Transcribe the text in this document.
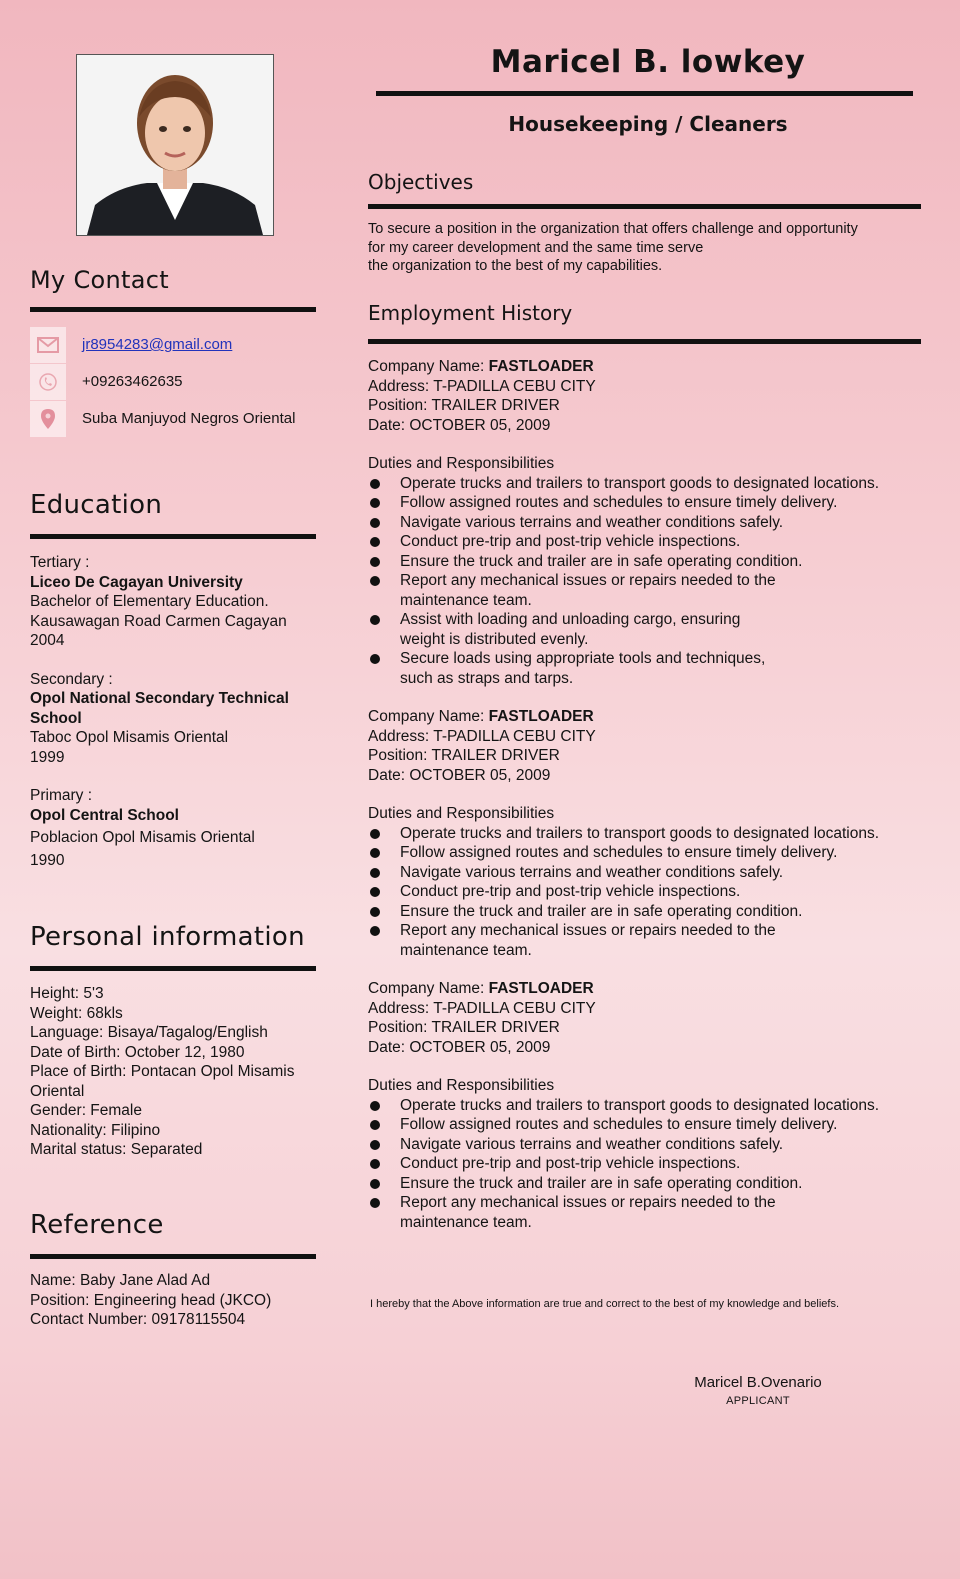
My Contact
jr8954283@gmail.com
+09263462635
Suba Manjuyod Negros Oriental
Education
Tertiary :
Liceo De Cagayan University
Bachelor of Elementary Education.
Kausawagan Road Carmen Cagayan
2004
Secondary :
Opol National Secondary Technical
School
Taboc Opol Misamis Oriental
1999
Primary :
Opol Central School
Poblacion Opol Misamis Oriental
1990
Personal information
Height: 5'3
Weight: 68kls
Language: Bisaya/Tagalog/English
Date of Birth: October 12, 1980
Place of Birth: Pontacan Opol Misamis
Oriental
Gender: Female
Nationality: Filipino
Marital status: Separated
Reference
Name: Baby Jane Alad Ad
Position: Engineering head (JKCO)
Contact Number: 09178115504
Maricel B. lowkey
Housekeeping / Cleaners
Objectives
To secure a position in the organization that offers challenge and opportunity
for my career development and the same time serve
the organization to the best of my capabilities.
Employment History
Company Name: FASTLOADER
Address: T-PADILLA CEBU CITY
Position: TRAILER DRIVER
Date: OCTOBER 05, 2009
Duties and Responsibilities
Operate trucks and trailers to transport goods to designated locations.
Follow assigned routes and schedules to ensure timely delivery.
Navigate various terrains and weather conditions safely.
Conduct pre-trip and post-trip vehicle inspections.
Ensure the truck and trailer are in safe operating condition.
Report any mechanical issues or repairs needed to the
maintenance team.
Assist with loading and unloading cargo, ensuring
weight is distributed evenly.
Secure loads using appropriate tools and techniques,
such as straps and tarps.
Company Name: FASTLOADER
Address: T-PADILLA CEBU CITY
Position: TRAILER DRIVER
Date: OCTOBER 05, 2009
Duties and Responsibilities
Operate trucks and trailers to transport goods to designated locations.
Follow assigned routes and schedules to ensure timely delivery.
Navigate various terrains and weather conditions safely.
Conduct pre-trip and post-trip vehicle inspections.
Ensure the truck and trailer are in safe operating condition.
Report any mechanical issues or repairs needed to the
maintenance team.
Company Name: FASTLOADER
Address: T-PADILLA CEBU CITY
Position: TRAILER DRIVER
Date: OCTOBER 05, 2009
Duties and Responsibilities
Operate trucks and trailers to transport goods to designated locations.
Follow assigned routes and schedules to ensure timely delivery.
Navigate various terrains and weather conditions safely.
Conduct pre-trip and post-trip vehicle inspections.
Ensure the truck and trailer are in safe operating condition.
Report any mechanical issues or repairs needed to the
maintenance team.
I hereby that the Above information are true and correct to the best of my knowledge and beliefs.
Maricel B.Ovenario
APPLICANT
